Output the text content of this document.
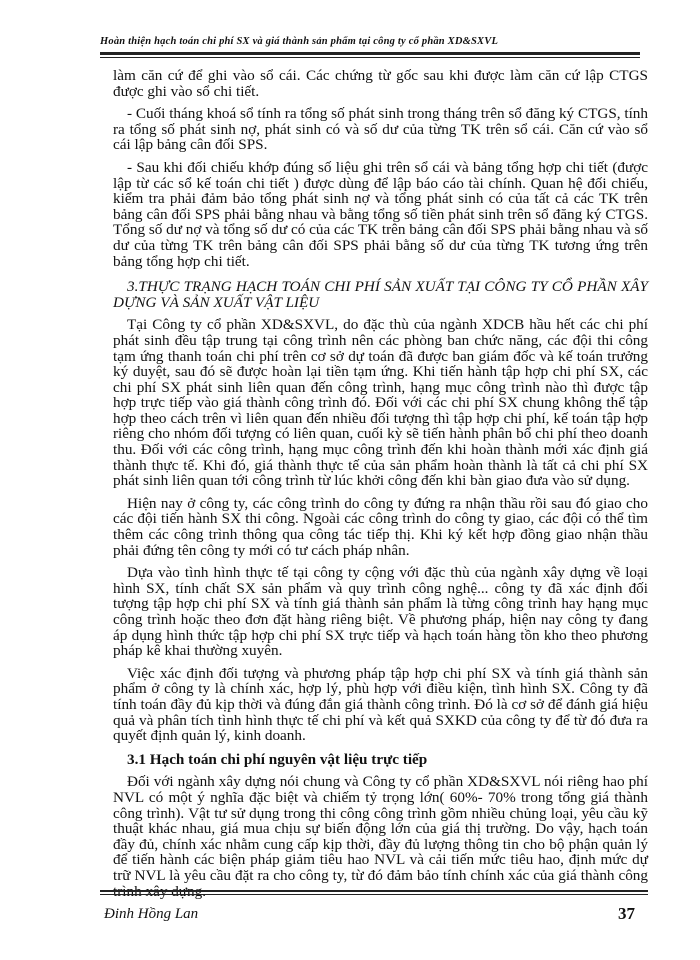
Hoàn thiện hạch toán chi phí SX và giá thành sản phẩm tại công ty cổ phần XD&SXVL

làm căn cứ để ghi vào sổ cái. Các chứng từ gốc sau khi được làm căn cứ lập CTGS được ghi vào sổ chi tiết.

- Cuối tháng khoá sổ tính ra tổng số phát sinh trong tháng trên sổ đăng ký CTGS, tính ra tổng số phát sinh nợ, phát sinh có và số dư của từng TK trên sổ cái. Căn cứ vào sổ cái lập bảng cân đối SPS.

- Sau khi đối chiếu khớp đúng số liệu ghi trên sổ cái và bảng tổng hợp chi tiết (được lập từ các sổ kế toán chi tiết ) được dùng để lập báo cáo tài chính. Quan hệ đối chiếu, kiểm tra phải đảm bảo tổng phát sinh nợ và tổng phát sinh có của tất cả các TK trên bảng cân đối SPS phải bằng nhau và bằng tổng số tiền phát sinh trên sổ đăng ký CTGS. Tổng số dư nợ và tổng số dư có của các TK trên bảng cân đối SPS phải bằng nhau và số dư của từng TK trên bảng cân đối SPS phải bằng số dư của từng TK tương ứng trên bảng tổng hợp chi tiết.

3.THỰC TRẠNG HẠCH TOÁN CHI PHÍ SẢN XUẤT TẠI CÔNG TY CỔ PHẦN XÂY DỰNG VÀ SẢN XUẤT VẬT LIỆU

Tại Công ty cổ phần XD&SXVL, do đặc thù của ngành XDCB hầu hết các chi phí phát sinh đều tập trung tại công trình nên các phòng ban chức năng, các đội thi công tạm ứng thanh toán chi phí trên cơ sở dự toán đã được ban giám đốc và kế toán trưởng ký duyệt, sau đó sẽ được hoàn lại tiền tạm ứng. Khi tiến hành tập hợp chi phí SX, các chi phí SX phát sinh liên quan đến công trình, hạng mục công trình nào thì được tập hợp trực tiếp vào giá thành công trình đó. Đối với các chi phí SX chung không thể tập hợp theo cách trên vì liên quan đến nhiều đối tượng thì tập hợp chi phí, kế toán tập hợp riêng cho nhóm đối tượng có liên quan, cuối kỳ sẽ tiến hành phân bổ chi phí theo doanh thu. Đối với các công trình, hạng mục công trình đến khi hoàn thành mới xác định giá thành thực tế. Khi đó, giá thành thực tế của sản phẩm hoàn thành là tất cả chi phí SX phát sinh liên quan tới công trình từ lúc khởi công đến khi bàn giao đưa vào sử dụng.

Hiện nay ở công ty, các công trình do công ty đứng ra nhận thầu rồi sau đó giao cho các đội tiến hành SX thi công. Ngoài các công trình do công ty giao, các đội có thể tìm thêm các công trình thông qua công tác tiếp thị. Khi ký kết hợp đồng giao nhận thầu phải đứng tên công ty mới có tư cách pháp nhân.

Dựa vào tình hình thực tế tại công ty cộng với đặc thù của ngành xây dựng về loại hình SX, tính chất SX sản phẩm và quy trình công nghệ... công ty đã xác định đối tượng tập hợp chi phí SX và tính giá thành sản phẩm là từng công trình hay hạng mục công trình hoặc theo đơn đặt hàng riêng biệt. Về phương pháp, hiện nay công ty đang áp dụng hình thức tập hợp chi phí SX trực tiếp và hạch toán hàng tồn kho theo phương pháp kê khai thường xuyên.

Việc xác định đối tượng và phương pháp tập hợp chi phí SX và tính giá thành sản phẩm ở công ty là chính xác, hợp lý, phù hợp với điều kiện, tình hình SX. Công ty đã tính toán đầy đủ kịp thời và đúng đắn giá thành công trình. Đó là cơ sở để đánh giá hiệu quả và phân tích tình hình thực tế chi phí và kết quả SXKD của công ty để từ đó đưa ra quyết định quản lý, kinh doanh.

3.1 Hạch toán chi phí nguyên vật liệu trực tiếp

Đối với ngành xây dựng nói chung và Công ty cổ phần XD&SXVL nói riêng hao phí NVL có một ý nghĩa đặc biệt và chiếm tỷ trọng lớn( 60%- 70% trong tổng giá thành công trình). Vật tư sử dụng trong thi công công trình gồm nhiều chủng loại, yêu cầu kỹ thuật khác nhau, giá mua chịu sự biến động lớn của giá thị trường. Do vậy, hạch toán đầy đủ, chính xác nhằm cung cấp kịp thời, đầy đủ lượng thông tin cho bộ phận quản lý để tiến hành các biện pháp giảm tiêu hao NVL và cải tiến mức tiêu hao, định mức dự trữ NVL là yêu cầu đặt ra cho công ty, từ đó đảm bảo tính chính xác của giá thành công trình xây dựng.

Đinh Hồng Lan	37
